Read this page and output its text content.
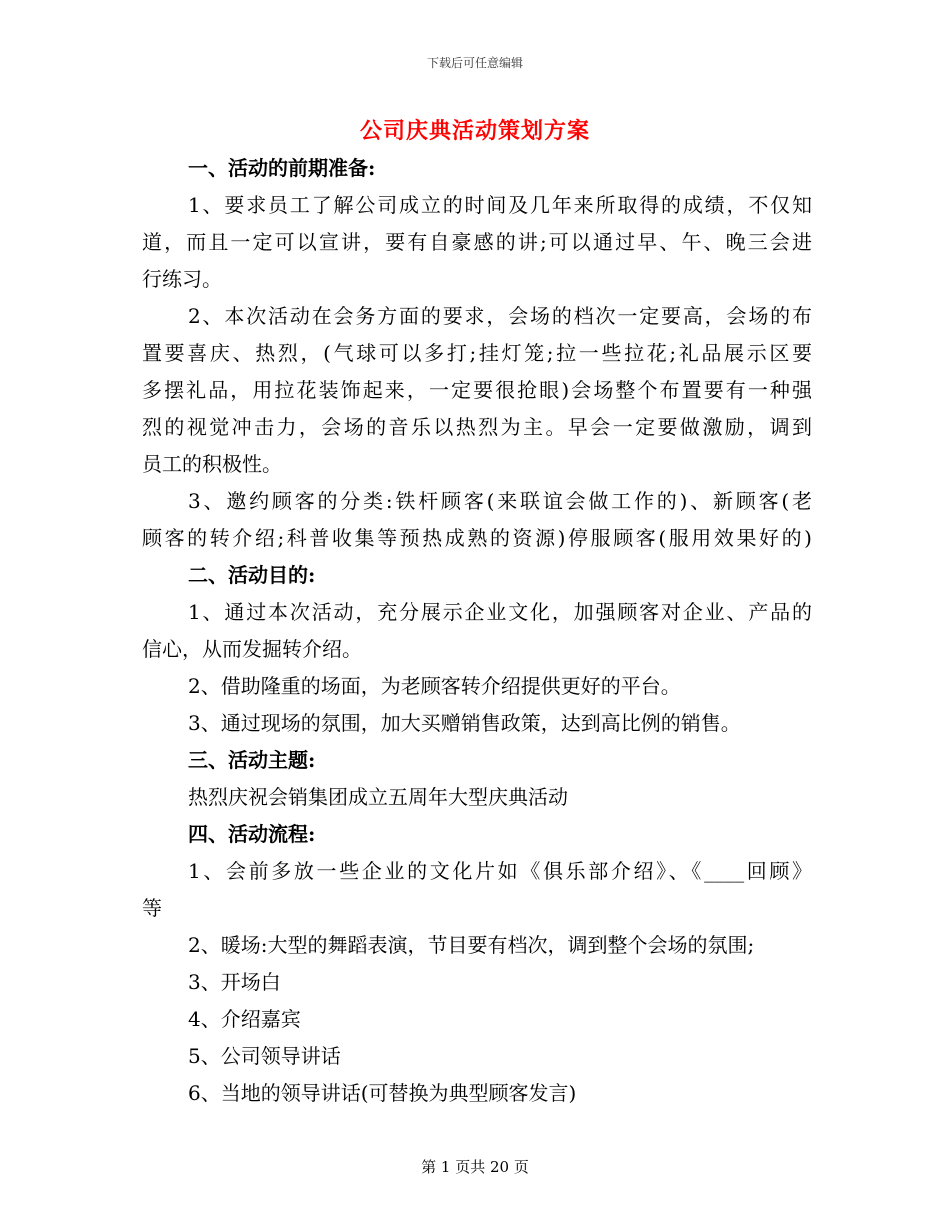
下载后可任意编辑
公司庆典活动策划方案
一、活动的前期准备:
1、要求员工了解公司成立的时间及几年来所取得的成绩，不仅知
道，而且一定可以宣讲，要有自豪感的讲;可以通过早、午、晚三会进
行练习。
2、本次活动在会务方面的要求，会场的档次一定要高，会场的布
置要喜庆、热烈，(气球可以多打;挂灯笼;拉一些拉花;礼品展示区要
多摆礼品，用拉花装饰起来，一定要很抢眼)会场整个布置要有一种强
烈的视觉冲击力，会场的音乐以热烈为主。早会一定要做激励，调到
员工的积极性。
3、邀约顾客的分类:铁杆顾客(来联谊会做工作的)、新顾客(老
顾客的转介绍;科普收集等预热成熟的资源)停服顾客(服用效果好的)
二、活动目的:
1、通过本次活动，充分展示企业文化，加强顾客对企业、产品的
信心，从而发掘转介绍。
2、借助隆重的场面，为老顾客转介绍提供更好的平台。
3、通过现场的氛围，加大买赠销售政策，达到高比例的销售。
三、活动主题:
热烈庆祝会销集团成立五周年大型庆典活动
四、活动流程:
1、会前多放一些企业的文化片如《俱乐部介绍》、《____回顾》
等
2、暖场:大型的舞蹈表演，节目要有档次，调到整个会场的氛围;
3、开场白
4、介绍嘉宾
5、公司领导讲话
6、当地的领导讲话(可替换为典型顾客发言)
第 1 页共 20 页
